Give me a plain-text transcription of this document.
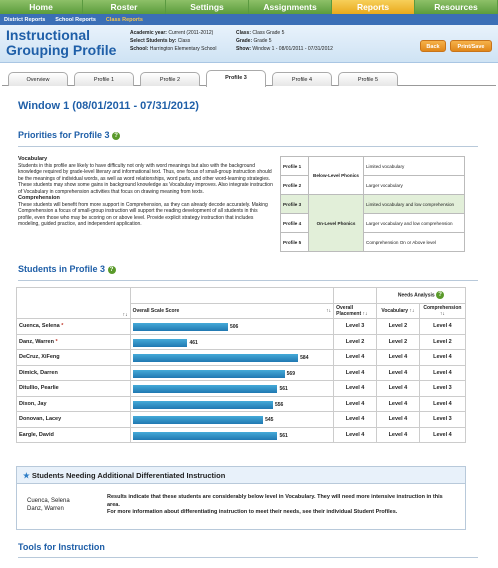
Home	Roster	Settings	Assignments	Reports	Resources
District Reports School Reports Class Reports
Instructional Grouping Profile
Academic year: Current (2011-2012)
Select Students by: Class
School: Harrington Elementary School
Class: Class Grade 5
Grade: Grade 5
Show: Window 1 - 08/01/2011 - 07/31/2012	Back	Print/Save
Overview	Profile 1	Profile 2	Profile 3	Profile 4	Profile 5
Window 1 (08/01/2011 - 07/31/2012)
Priorities for Profile 3 ?
Vocabulary

Students in this profile are likely to have difficulty not only with word meanings but also with the background knowledge required by grade-level literary and informational text. Thus, one focus of small-group instruction should be the meanings of individual words, as well as word relationships, word parts, and other word-learning strategies. These students may show some gains in background knowledge as Vocabulary improves. Also integrate instruction of Vocabulary in comprehension activities that focus on drawing meaning from texts.

Comprehension

These students will benefit from more support in Comprehension, as they can already decode accurately. Making Comprehension a focus of small-group instruction will support the reading development of all students in this profile, even those who may be scoring on or above level. Provide explicit strategy instruction that includes modeling, guided practice, and independent application.

Profile 1	Below-Level Phonics	Limited vocabulary
Profile 2		Larger vocabulary
Profile 3	On-Level Phonics	Limited vocabulary and low comprehension
Profile 4		Larger vocabulary and low comprehension
Profile 5		Comprehension On or Above level
Students in Profile 3 ?
↑↓			Needs Analysis ?	
	Overall Scale Score ↑↓	Overall Placement ↑↓	Vocabulary ↑↓	Comprehension ↑↓
Cuenca, Selena *	506	Level 3	Level 2	Level 4
Danz, Warren *	461	Level 2	Level 2	Level 2
DeCruz, XiFeng	584	Level 4	Level 4	Level 4
Dimick, Darren	569	Level 4	Level 4	Level 4
Ditullio, Pearlie	561	Level 4	Level 4	Level 3
Dixon, Jay	556	Level 4	Level 4	Level 4
Donovan, Lacey	545	Level 4	Level 4	Level 3
Eargle, David	561	Level 4	Level 4	Level 4
★ Students Needing Additional Differentiated Instruction
Cuenca, Selena
Danz, Warren
Results indicate that these students are considerably below level in Vocabulary. They will need more intensive instruction in this area.
For more information about differentiating instruction to meet their needs, see their individual Student Profiles.
Tools for Instruction
